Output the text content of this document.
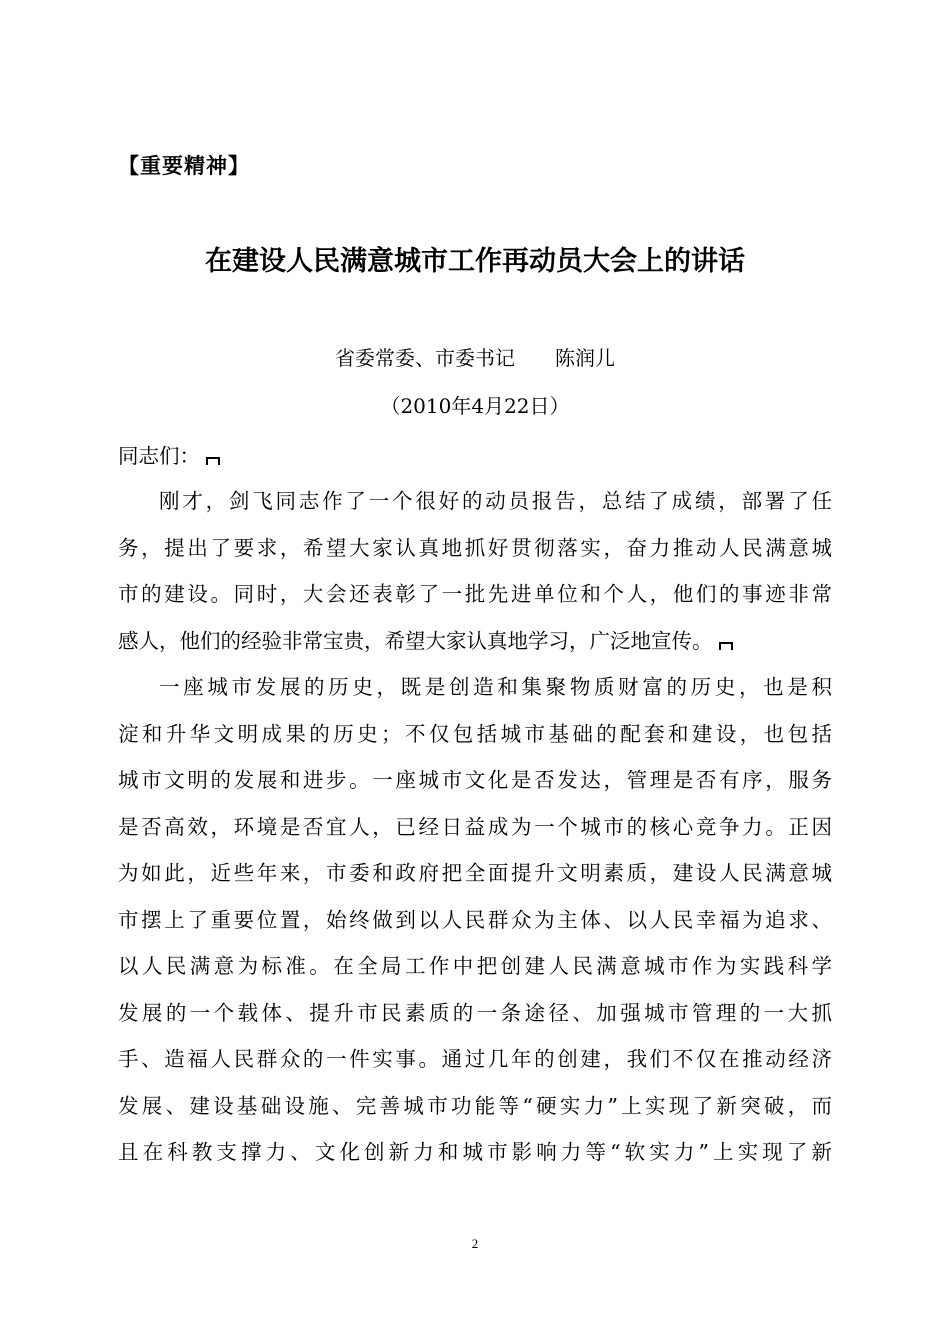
【重要精神】
在建设人民满意城市工作再动员大会上的讲话
省委常委、市委书记 陈润儿
（2010年4月22日）
同志们：
刚才，剑飞同志作了一个很好的动员报告，总结了成绩，部署了任
务，提出了要求，希望大家认真地抓好贯彻落实，奋力推动人民满意城
市的建设。同时，大会还表彰了一批先进单位和个人，他们的事迹非常
感人，他们的经验非常宝贵，希望大家认真地学习，广泛地宣传。
一座城市发展的历史，既是创造和集聚物质财富的历史，也是积
淀和升华文明成果的历史；不仅包括城市基础的配套和建设，也包括
城市文明的发展和进步。一座城市文化是否发达，管理是否有序，服务
是否高效，环境是否宜人，已经日益成为一个城市的核心竞争力。正因
为如此，近些年来，市委和政府把全面提升文明素质，建设人民满意城
市摆上了重要位置，始终做到以人民群众为主体、以人民幸福为追求、
以人民满意为标准。在全局工作中把创建人民满意城市作为实践科学
发展的一个载体、提升市民素质的一条途径、加强城市管理的一大抓
手、造福人民群众的一件实事。通过几年的创建，我们不仅在推动经济
发展、建设基础设施、完善城市功能等“硬实力”上实现了新突破，而
且在科教支撑力、文化创新力和城市影响力等“软实力”上实现了新
2
